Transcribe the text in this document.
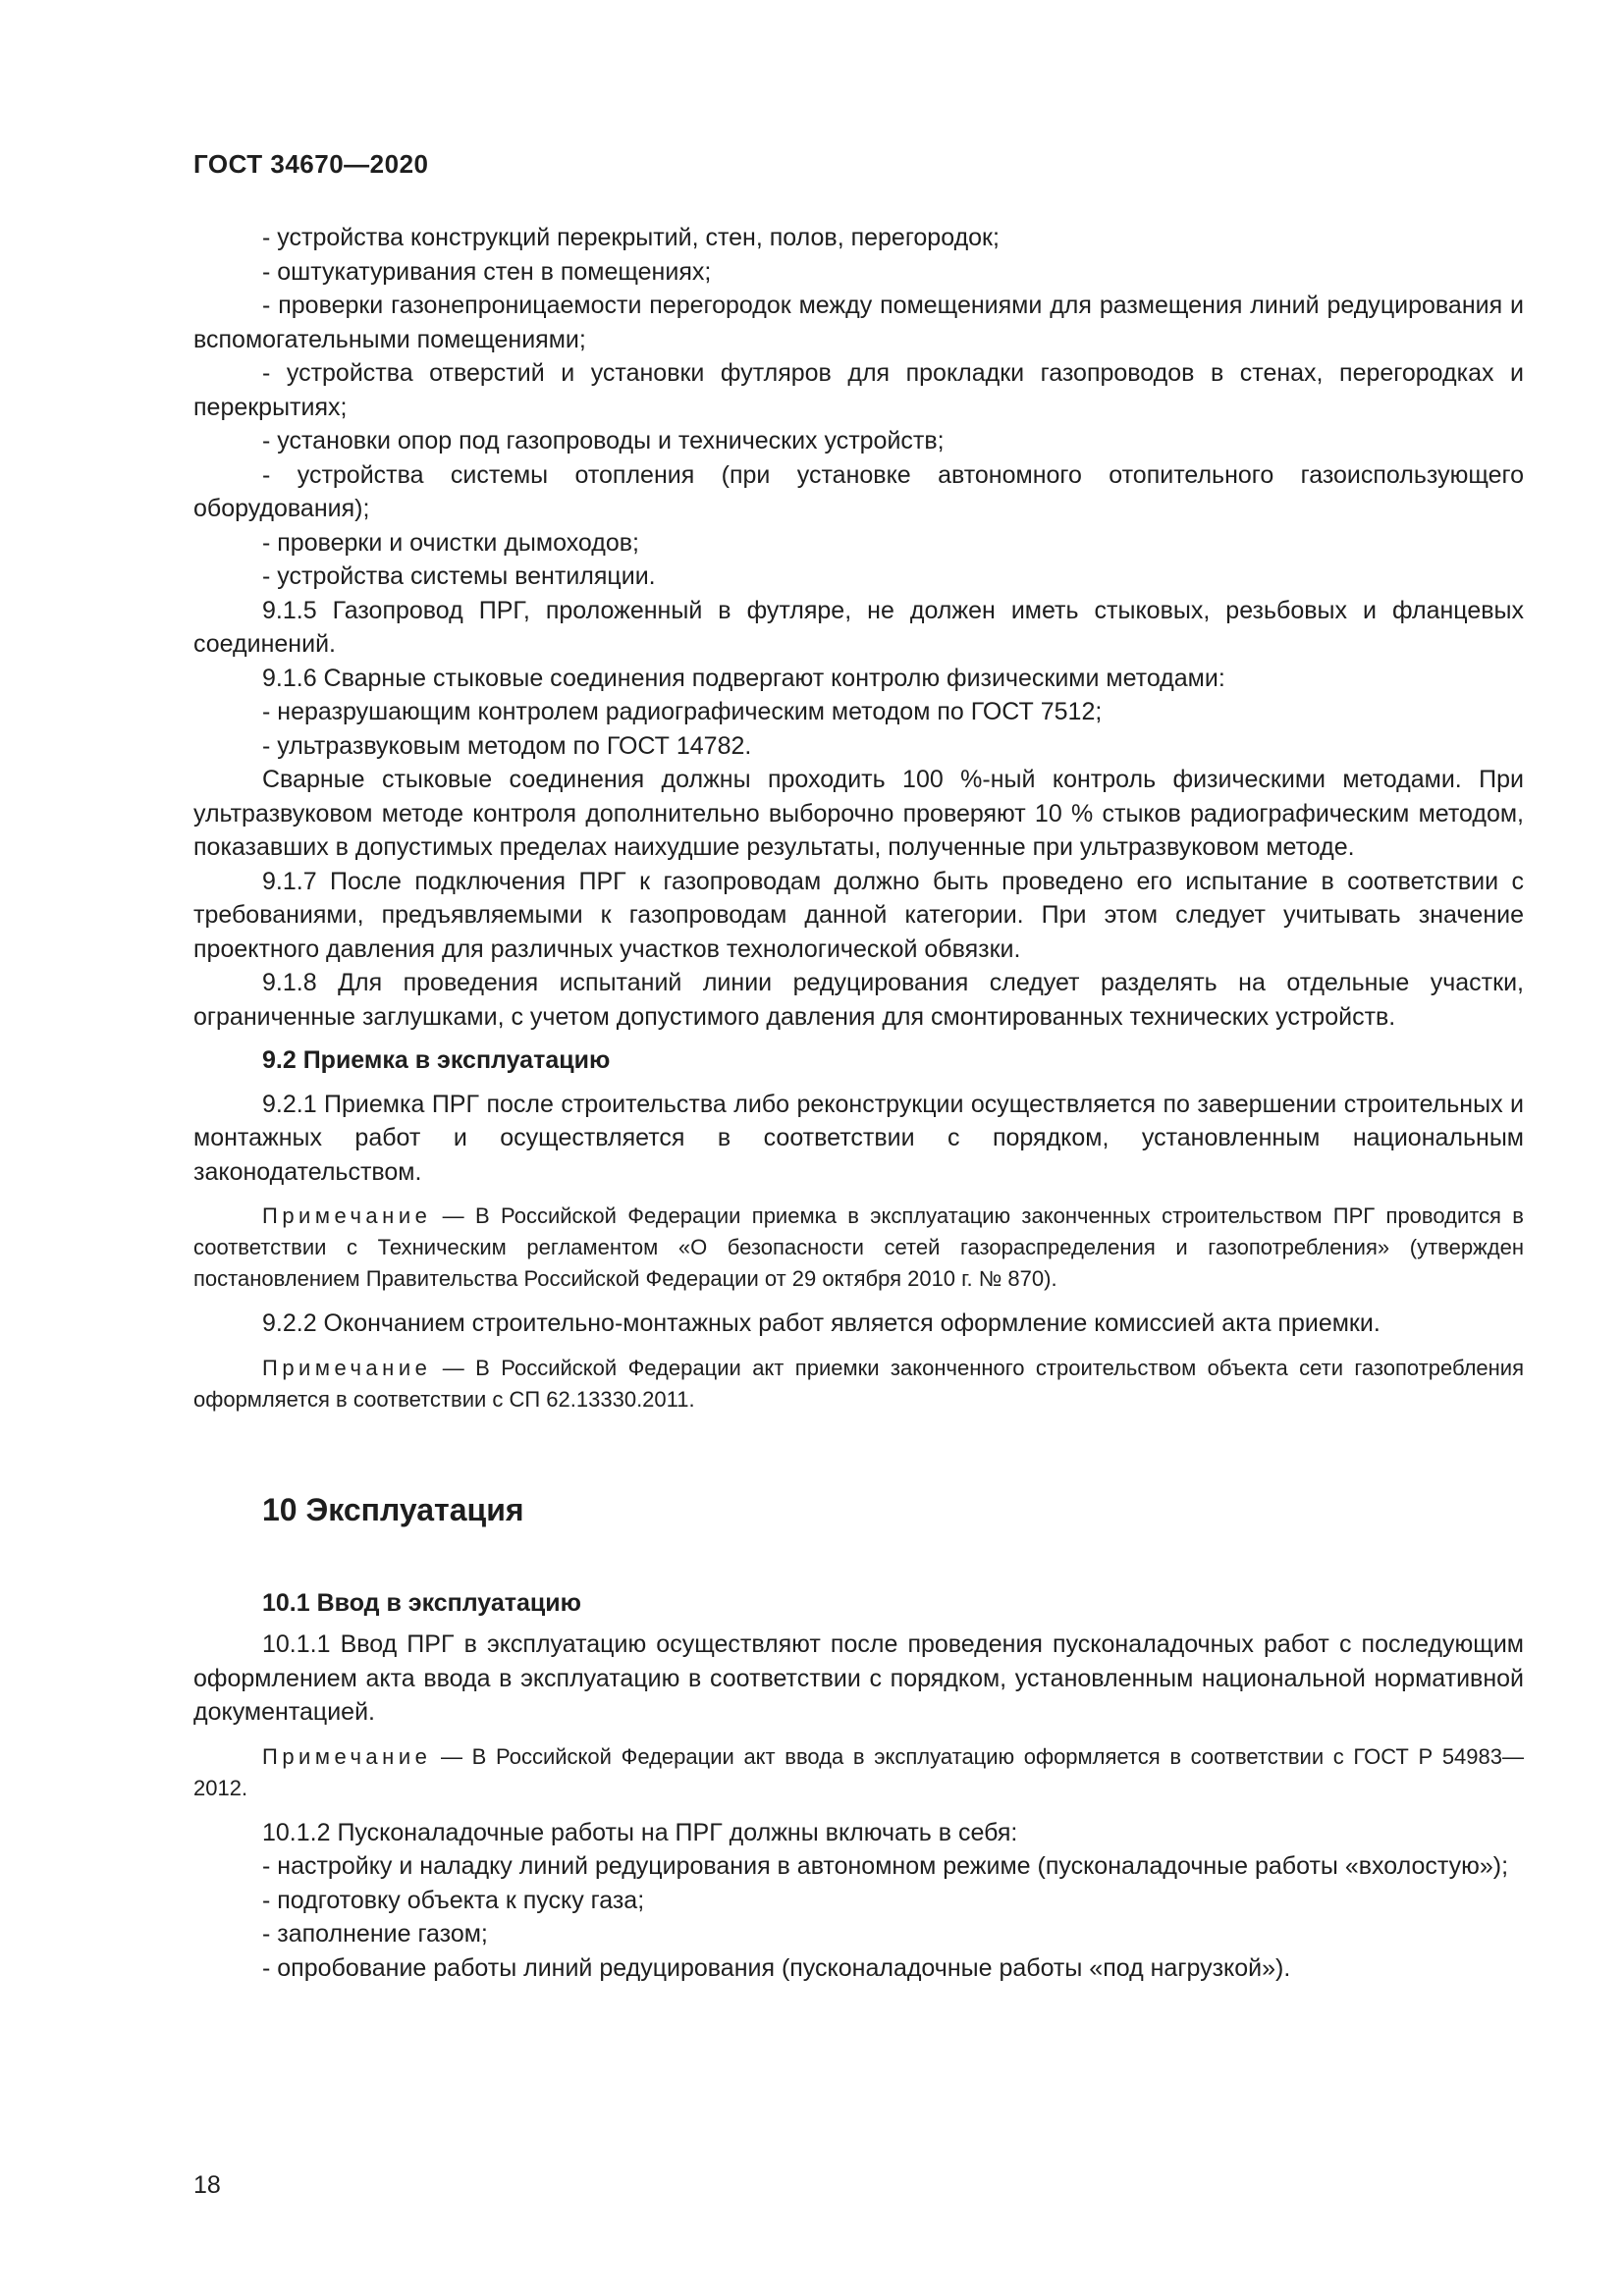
ГОСТ 34670—2020
- устройства конструкций перекрытий, стен, полов, перегородок;
- оштукатуривания стен в помещениях;
- проверки газонепроницаемости перегородок между помещениями для размещения линий редуцирования и вспомогательными помещениями;
- устройства отверстий и установки футляров для прокладки газопроводов в стенах, перегородках и перекрытиях;
- установки опор под газопроводы и технических устройств;
- устройства системы отопления (при установке автономного отопительного газоиспользующего оборудования);
- проверки и очистки дымоходов;
- устройства системы вентиляции.
9.1.5 Газопровод ПРГ, проложенный в футляре, не должен иметь стыковых, резьбовых и фланцевых соединений.
9.1.6 Сварные стыковые соединения подвергают контролю физическими методами:
- неразрушающим контролем радиографическим методом по ГОСТ 7512;
- ультразвуковым методом по ГОСТ 14782.
Сварные стыковые соединения должны проходить 100 %-ный контроль физическими методами. При ультразвуковом методе контроля дополнительно выборочно проверяют 10 % стыков радиографическим методом, показавших в допустимых пределах наихудшие результаты, полученные при ультразвуковом методе.
9.1.7 После подключения ПРГ к газопроводам должно быть проведено его испытание в соответствии с требованиями, предъявляемыми к газопроводам данной категории. При этом следует учитывать значение проектного давления для различных участков технологической обвязки.
9.1.8 Для проведения испытаний линии редуцирования следует разделять на отдельные участки, ограниченные заглушками, с учетом допустимого давления для смонтированных технических устройств.
9.2 Приемка в эксплуатацию
9.2.1 Приемка ПРГ после строительства либо реконструкции осуществляется по завершении строительных и монтажных работ и осуществляется в соответствии с порядком, установленным национальным законодательством.
Примечание — В Российской Федерации приемка в эксплуатацию законченных строительством ПРГ проводится в соответствии с Техническим регламентом «О безопасности сетей газораспределения и газопотребления» (утвержден постановлением Правительства Российской Федерации от 29 октября 2010 г. № 870).
9.2.2 Окончанием строительно-монтажных работ является оформление комиссией акта приемки.
Примечание — В Российской Федерации акт приемки законченного строительством объекта сети газопотребления оформляется в соответствии с СП 62.13330.2011.
10 Эксплуатация
10.1 Ввод в эксплуатацию
10.1.1 Ввод ПРГ в эксплуатацию осуществляют после проведения пусконаладочных работ с последующим оформлением акта ввода в эксплуатацию в соответствии с порядком, установленным национальной нормативной документацией.
Примечание — В Российской Федерации акт ввода в эксплуатацию оформляется в соответствии с ГОСТ Р 54983—2012.
10.1.2 Пусконаладочные работы на ПРГ должны включать в себя:
- настройку и наладку линий редуцирования в автономном режиме (пусконаладочные работы «вхолостую»);
- подготовку объекта к пуску газа;
- заполнение газом;
- опробование работы линий редуцирования (пусконаладочные работы «под нагрузкой»).
18
